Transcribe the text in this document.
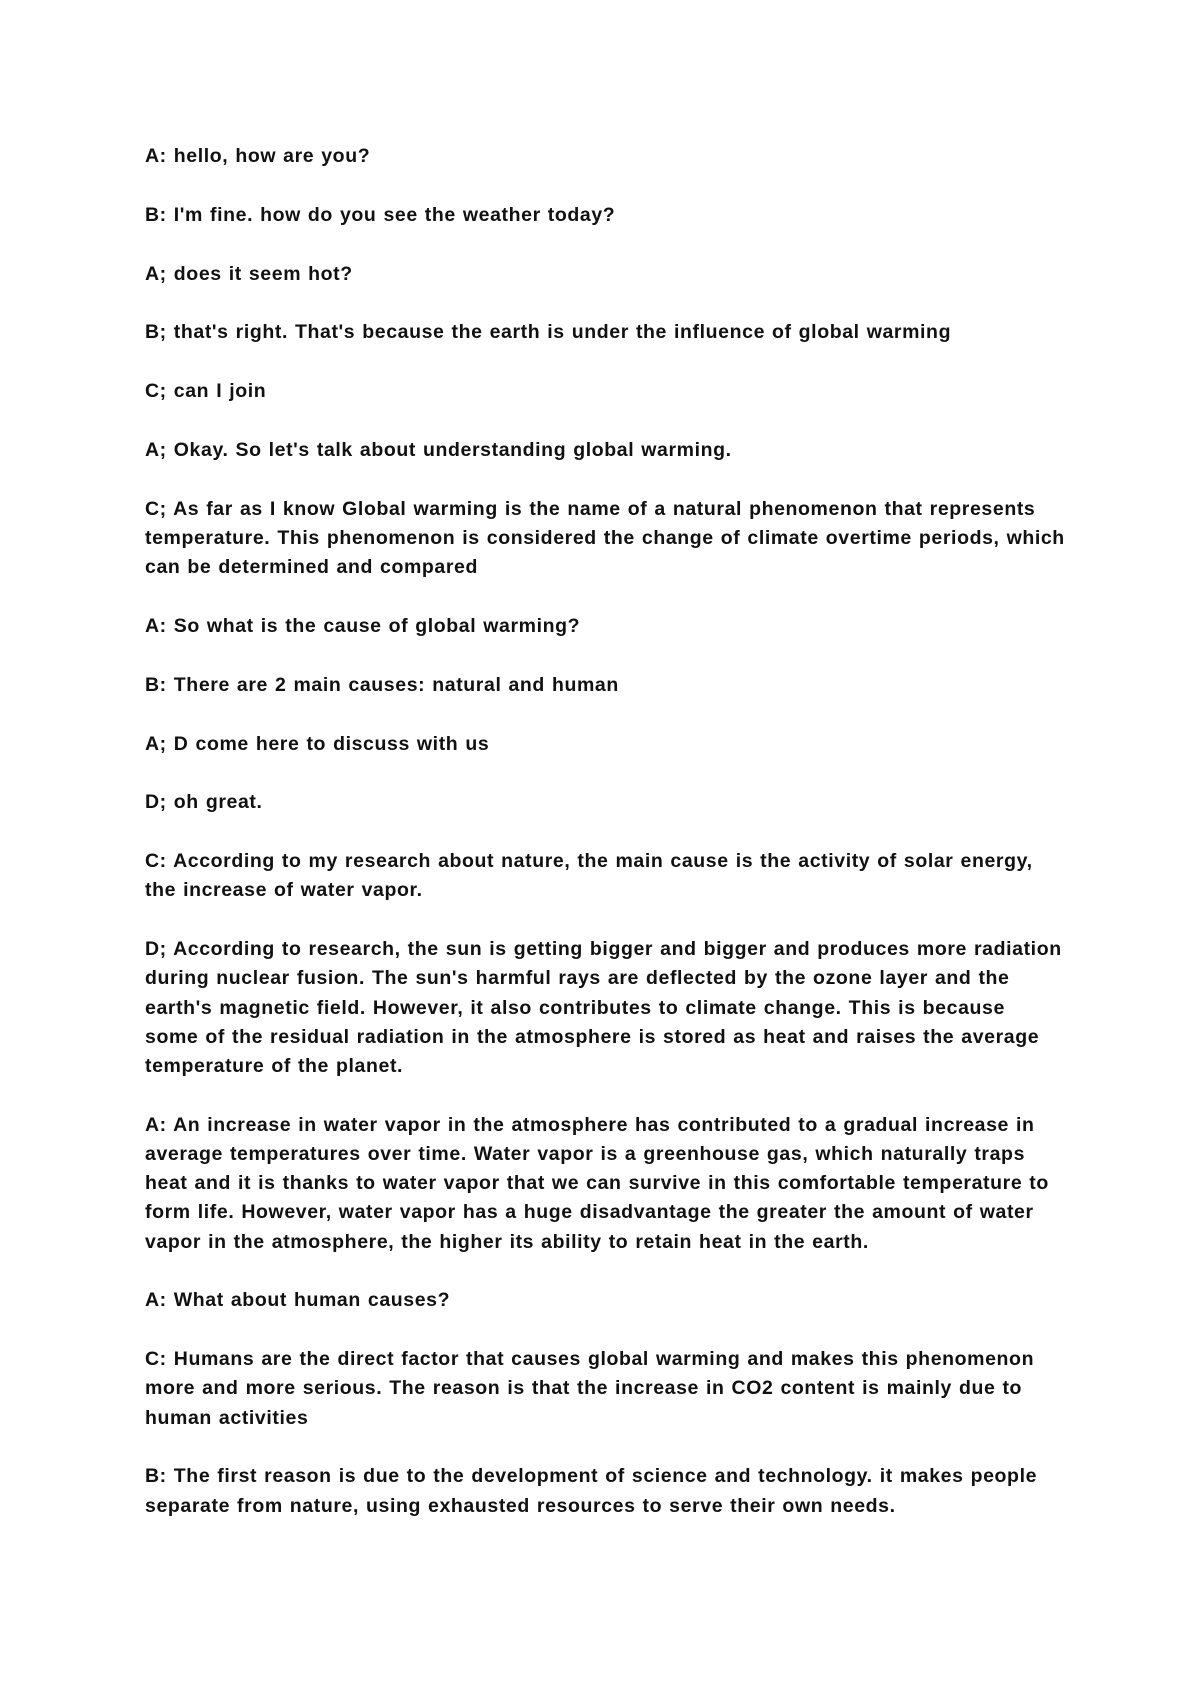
A: hello, how are you?

B: I'm fine. how do you see the weather today?

A; does it seem hot?

B; that's right. That's because the earth is under the influence of global warming

C; can I join

A; Okay. So let's talk about understanding global warming.

C; As far as I know Global warming is the name of a natural phenomenon that represents temperature. This phenomenon is considered the change of climate overtime periods, which can be determined and compared

A: So what is the cause of global warming?

B: There are 2 main causes: natural and human

A; D come here to discuss with us

D; oh great.

C: According to my research about nature, the main cause is the activity of solar energy, the increase of water vapor.

D; According to research, the sun is getting bigger and bigger and produces more radiation during nuclear fusion. The sun's harmful rays are deflected by the ozone layer and the earth's magnetic field. However, it also contributes to climate change. This is because some of the residual radiation in the atmosphere is stored as heat and raises the average temperature of the planet.

A: An increase in water vapor in the atmosphere has contributed to a gradual increase in average temperatures over time. Water vapor is a greenhouse gas, which naturally traps heat and it is thanks to water vapor that we can survive in this comfortable temperature to form life. However, water vapor has a huge disadvantage the greater the amount of water vapor in the atmosphere, the higher its ability to retain heat in the earth.

A: What about human causes?

C: Humans are the direct factor that causes global warming and makes this phenomenon more and more serious. The reason is that the increase in CO2 content is mainly due to human activities

B: The first reason is due to the development of science and technology. it makes people separate from nature, using exhausted resources to serve their own needs.
